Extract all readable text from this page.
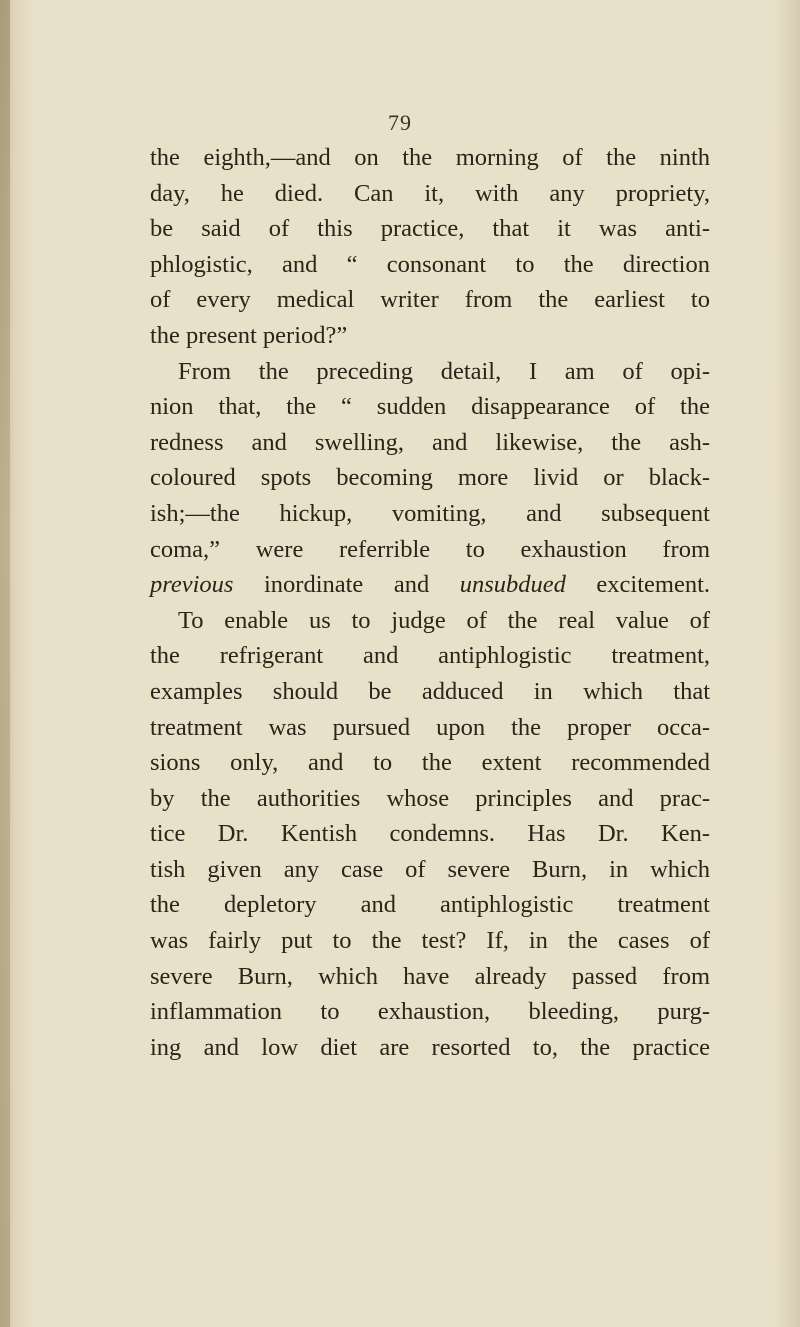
79
the eighth,—and on the morning of the ninth
day, he died. Can it, with any propriety,
be said of this practice, that it was anti-
phlogistic, and “ consonant to the direction
of every medical writer from the earliest to
the present period?”
From the preceding detail, I am of opi-
nion that, the “ sudden disappearance of the
redness and swelling, and likewise, the ash-
coloured spots becoming more livid or black-
ish;—the hickup, vomiting, and subsequent
coma,” were referrible to exhaustion from
previous inordinate and unsubdued excitement.
To enable us to judge of the real value of
the refrigerant and antiphlogistic treatment,
examples should be adduced in which that
treatment was pursued upon the proper occa-
sions only, and to the extent recommended
by the authorities whose principles and prac-
tice Dr. Kentish condemns. Has Dr. Ken-
tish given any case of severe Burn, in which
the depletory and antiphlogistic treatment
was fairly put to the test? If, in the cases of
severe Burn, which have already passed from
inflammation to exhaustion, bleeding, purg-
ing and low diet are resorted to, the practice
